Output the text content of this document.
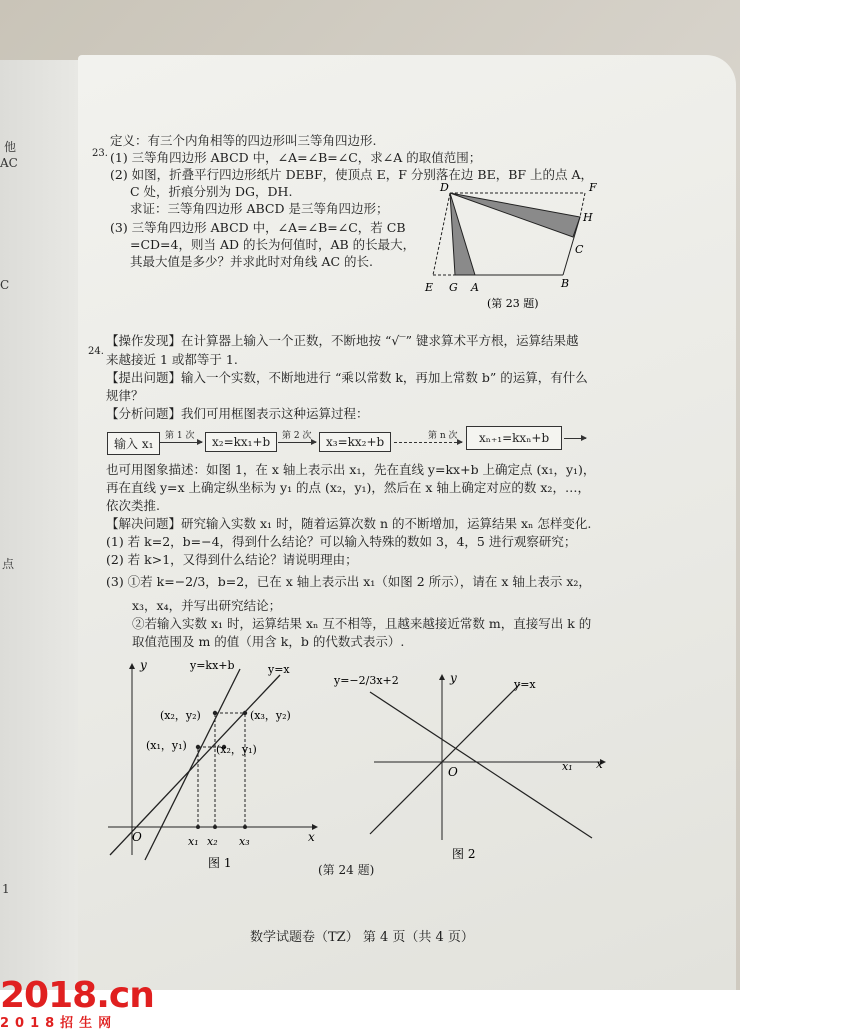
他
AC
C
点
1
23.
定义：有三个内角相等的四边形叫三等角四边形.
(1) 三等角四边形 ABCD 中，∠A=∠B=∠C，求∠A 的取值范围；
(2) 如图，折叠平行四边形纸片 DEBF，使顶点 E，F 分别落在边 BE，BF 上的点 A，
C 处，折痕分别为 DG，DH.
求证：三等角四边形 ABCD 是三等角四边形；
(3) 三等角四边形 ABCD 中，∠A=∠B=∠C，若 CB
=CD=4，则当 AD 的长为何值时，AB 的长最大，
其最大值是多少？并求此时对角线 AC 的长.
D	F
H
C
E G A	B
(第 23 题)
24.
【操作发现】在计算器上输入一个正数，不断地按 “√‾” 键求算术平方根，运算结果越
来越接近 1 或都等于 1.
【提出问题】输入一个实数，不断地进行 “乘以常数 k，再加上常数 b” 的运算，有什么
规律？
【分析问题】我们可用框图表示这种运算过程：
输入 x₁
第 1 次	x₂=kx₁+b	第 2 次	x₃=kx₂+b	第 n 次	xₙ₊₁=kxₙ+b
也可用图象描述：如图 1，在 x 轴上表示出 x₁，先在直线 y=kx+b 上确定点 (x₁，y₁)，
再在直线 y=x 上确定纵坐标为 y₁ 的点 (x₂，y₁)，然后在 x 轴上确定对应的数 x₂，…，
依次类推.
【解决问题】研究输入实数 x₁ 时，随着运算次数 n 的不断增加，运算结果 xₙ 怎样变化.
(1) 若 k=2，b=−4，得到什么结论？可以输入特殊的数如 3，4，5 进行观察研究；
(2) 若 k>1，又得到什么结论？请说明理由；
(3) ①若 k=−2/3，b=2，已在 x 轴上表示出 x₁（如图 2 所示），请在 x 轴上表示 x₂，
x₃，x₄，并写出研究结论；
②若输入实数 x₁ 时，运算结果 xₙ 互不相等，且越来越接近常数 m，直接写出 k 的
取值范围及 m 的值（用含 k，b 的代数式表示）.
y
x
O
y=kx+b	y=x
(x₂，y₂)	(x₃，y₂)
(x₁，y₁)	(x₂，y₁)
x₁ x₂ x₃
图 1
y
x
O
y=−2/3x+2	y=x
x₁
图 2
(第 24 题)
数学试题卷（TZ） 第 4 页（共 4 页）
2018.cn
2018招生网
